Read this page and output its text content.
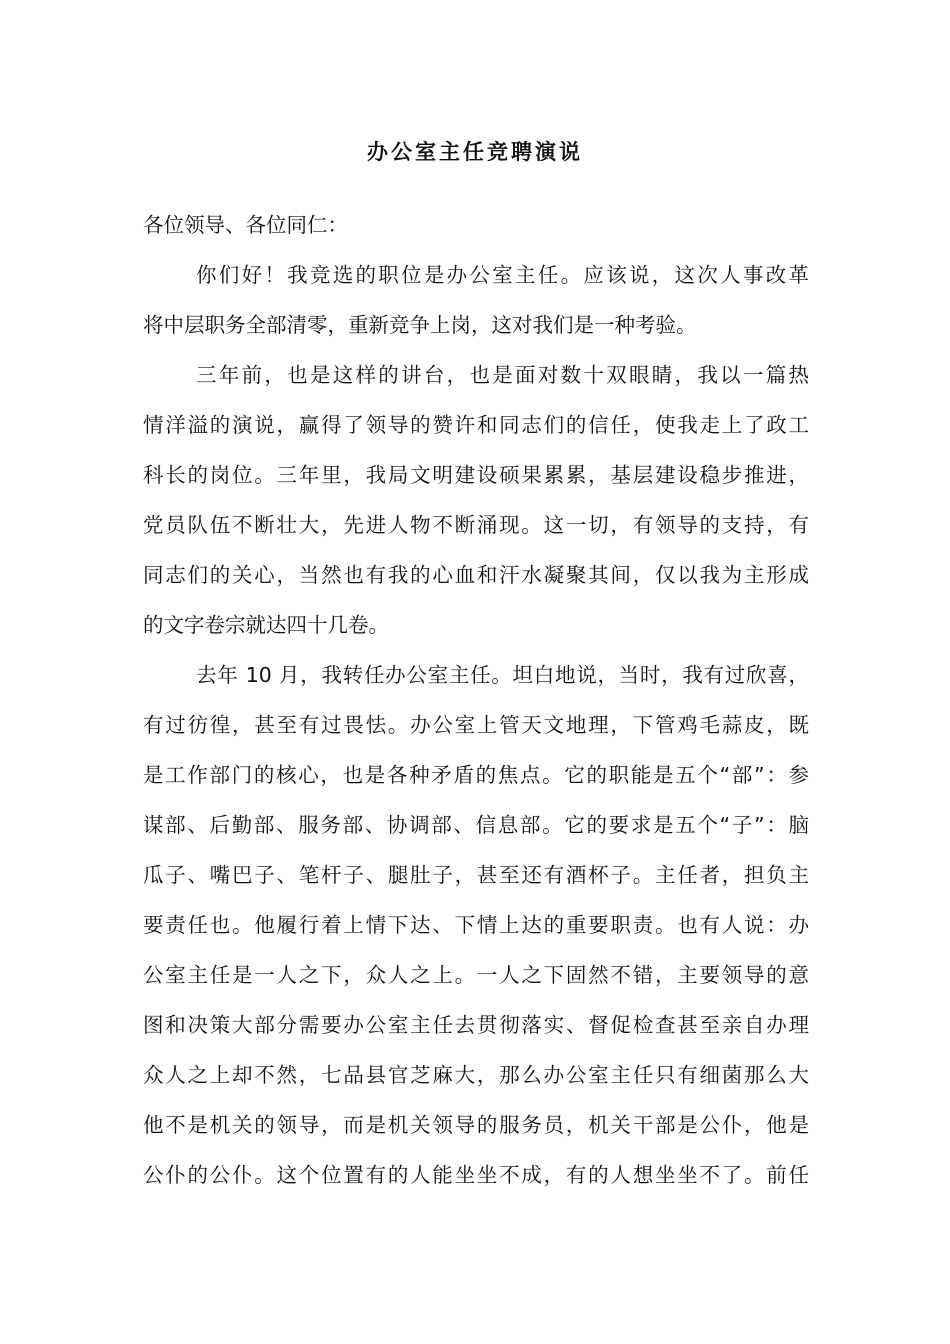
办公室主任竞聘演说
各位领导、各位同仁：
你们好！我竞选的职位是办公室主任。应该说，这次人事改革
将中层职务全部清零，重新竞争上岗，这对我们是一种考验。
三年前，也是这样的讲台，也是面对数十双眼睛，我以一篇热
情洋溢的演说，赢得了领导的赞许和同志们的信任，使我走上了政工
科长的岗位。三年里，我局文明建设硕果累累，基层建设稳步推进，
党员队伍不断壮大，先进人物不断涌现。这一切，有领导的支持，有
同志们的关心，当然也有我的心血和汗水凝聚其间，仅以我为主形成
的文字卷宗就达四十几卷。
去年 10 月，我转任办公室主任。坦白地说，当时，我有过欣喜，
有过彷徨，甚至有过畏怯。办公室上管天文地理，下管鸡毛蒜皮，既
是工作部门的核心，也是各种矛盾的焦点。它的职能是五个“部”：参
谋部、后勤部、服务部、协调部、信息部。它的要求是五个“子”：脑
瓜子、嘴巴子、笔杆子、腿肚子，甚至还有酒杯子。主任者，担负主
要责任也。他履行着上情下达、下情上达的重要职责。也有人说：办
公室主任是一人之下，众人之上。一人之下固然不错，主要领导的意
图和决策大部分需要办公室主任去贯彻落实、督促检查甚至亲自办理
众人之上却不然，七品县官芝麻大，那么办公室主任只有细菌那么大
他不是机关的领导，而是机关领导的服务员，机关干部是公仆，他是
公仆的公仆。这个位置有的人能坐坐不成，有的人想坐坐不了。前任
